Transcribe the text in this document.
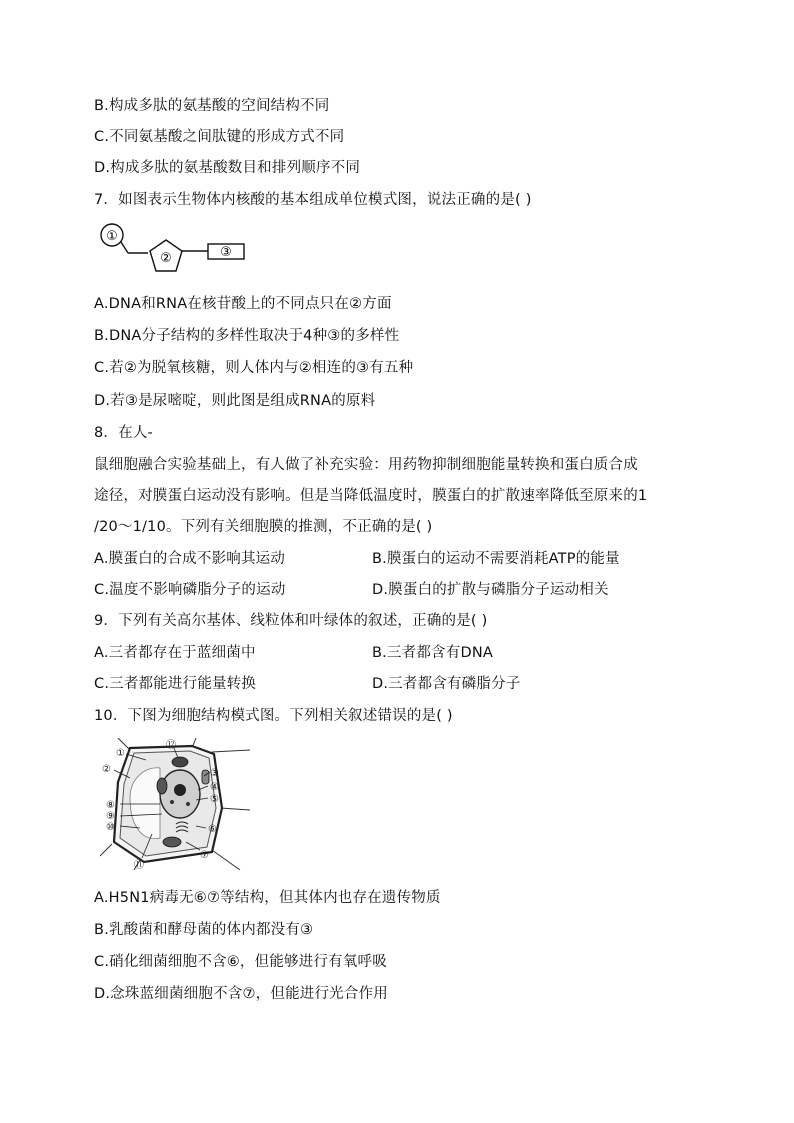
B.构成多肽的氨基酸的空间结构不同
C.不同氨基酸之间肽键的形成方式不同
D.构成多肽的氨基酸数目和排列顺序不同
7．如图表示生物体内核酸的基本组成单位模式图，说法正确的是( )
①
②	③
A.DNA和RNA在核苷酸上的不同点只在②方面
B.DNA分子结构的多样性取决于4种③的多样性
C.若②为脱氧核糖，则人体内与②相连的③有五种
D.若③是尿嘧啶，则此图是组成RNA的原料
8．在人-
鼠细胞融合实验基础上，有人做了补充实验：用药物抑制细胞能量转换和蛋白质合成
途径，对膜蛋白运动没有影响。但是当降低温度时，膜蛋白的扩散速率降低至原来的1
/20～1/10。下列有关细胞膜的推测，不正确的是( )
A.膜蛋白的合成不影响其运动	B.膜蛋白的运动不需要消耗ATP的能量
C.温度不影响磷脂分子的运动	D.膜蛋白的扩散与磷脂分子运动相关
9．下列有关高尔基体、线粒体和叶绿体的叙述，正确的是( )
A.三者都存在于蓝细菌中	B.三者都含有DNA
C.三者都能进行能量转换	D.三者都含有磷脂分子
10．下图为细胞结构模式图。下列相关叙述错误的是( )
①
②
⑫
③
④
⑤
⑥
⑦
⑧
⑨
⑩
⑪
A.H5N1病毒无⑥⑦等结构，但其体内也存在遗传物质
B.乳酸菌和酵母菌的体内都没有③
C.硝化细菌细胞不含⑥，但能够进行有氧呼吸
D.念珠蓝细菌细胞不含⑦，但能进行光合作用
